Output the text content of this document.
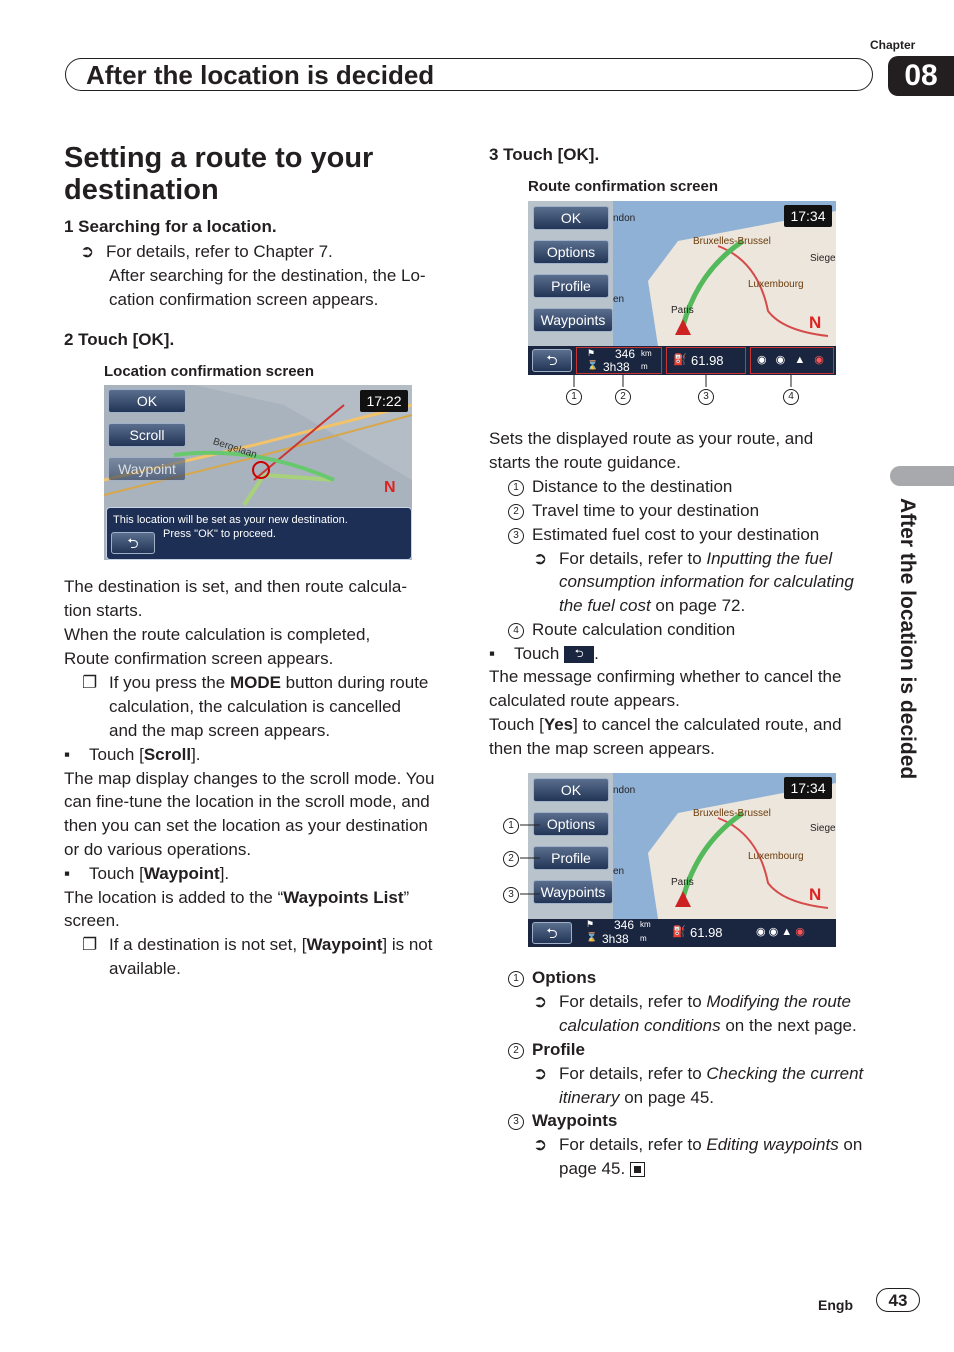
After the location is decided
Chapter
08
After the location is decided
Setting a route to your destination
1 Searching for a location.
➲ For details, refer to Chapter 7.
After searching for the destination, the Lo-
cation confirmation screen appears.
2 Touch [OK].
Location confirmation screen
OK
Scroll
Waypoint
17:22
Bergelaan
N
This location will be set as your new destination.
Press "OK" to proceed.
⮌
The destination is set, and then route calcula-
tion starts.
When the route calculation is completed,
Route confirmation screen appears.
❐ If you press the MODE button during route
calculation, the calculation is cancelled
and the map screen appears.
▪ Touch [Scroll].
The map display changes to the scroll mode. You
can fine-tune the location in the scroll mode, and
then you can set the location as your destination
or do various operations.
▪ Touch [Waypoint].
The location is added to the “Waypoints List”
screen.
❐ If a destination is not set, [Waypoint] is not
available.
3 Touch [OK].
Route confirmation screen
OK
Options
Profile
Waypoints
17:34
ndon
Bruxelles-Brussel
Siege
Luxembourg
Paris
en
N
⮌	⚑ 346 km
⌛ 3h38 m
⛽ 61.98	◉ ◉ ▲ ◉
1	2	3	4
Sets the displayed route as your route, and
starts the route guidance.
1 Distance to the destination
2 Travel time to your destination
3 Estimated fuel cost to your destination
➲ For details, refer to Inputting the fuel
consumption information for calculating
the fuel cost on page 72.
4 Route calculation condition
▪ Touch ⮌ .
The message confirming whether to cancel the
calculated route appears.
Touch [Yes] to cancel the calculated route, and
then the map screen appears.
OK
Options
Profile
Waypoints
17:34
ndon
Bruxelles-Brussel
Siege
Luxembourg
Paris
en
N
⮌
⚑ 346 km
⌛ 3h38 m
⛽ 61.98	◉ ◉ ▲ ◉
1
2
3
1 Options
➲ For details, refer to Modifying the route
calculation conditions on the next page.
2 Profile
➲ For details, refer to Checking the current
itinerary on page 45.
3 Waypoints
➲ For details, refer to Editing waypoints on
page 45.
Engb	43
